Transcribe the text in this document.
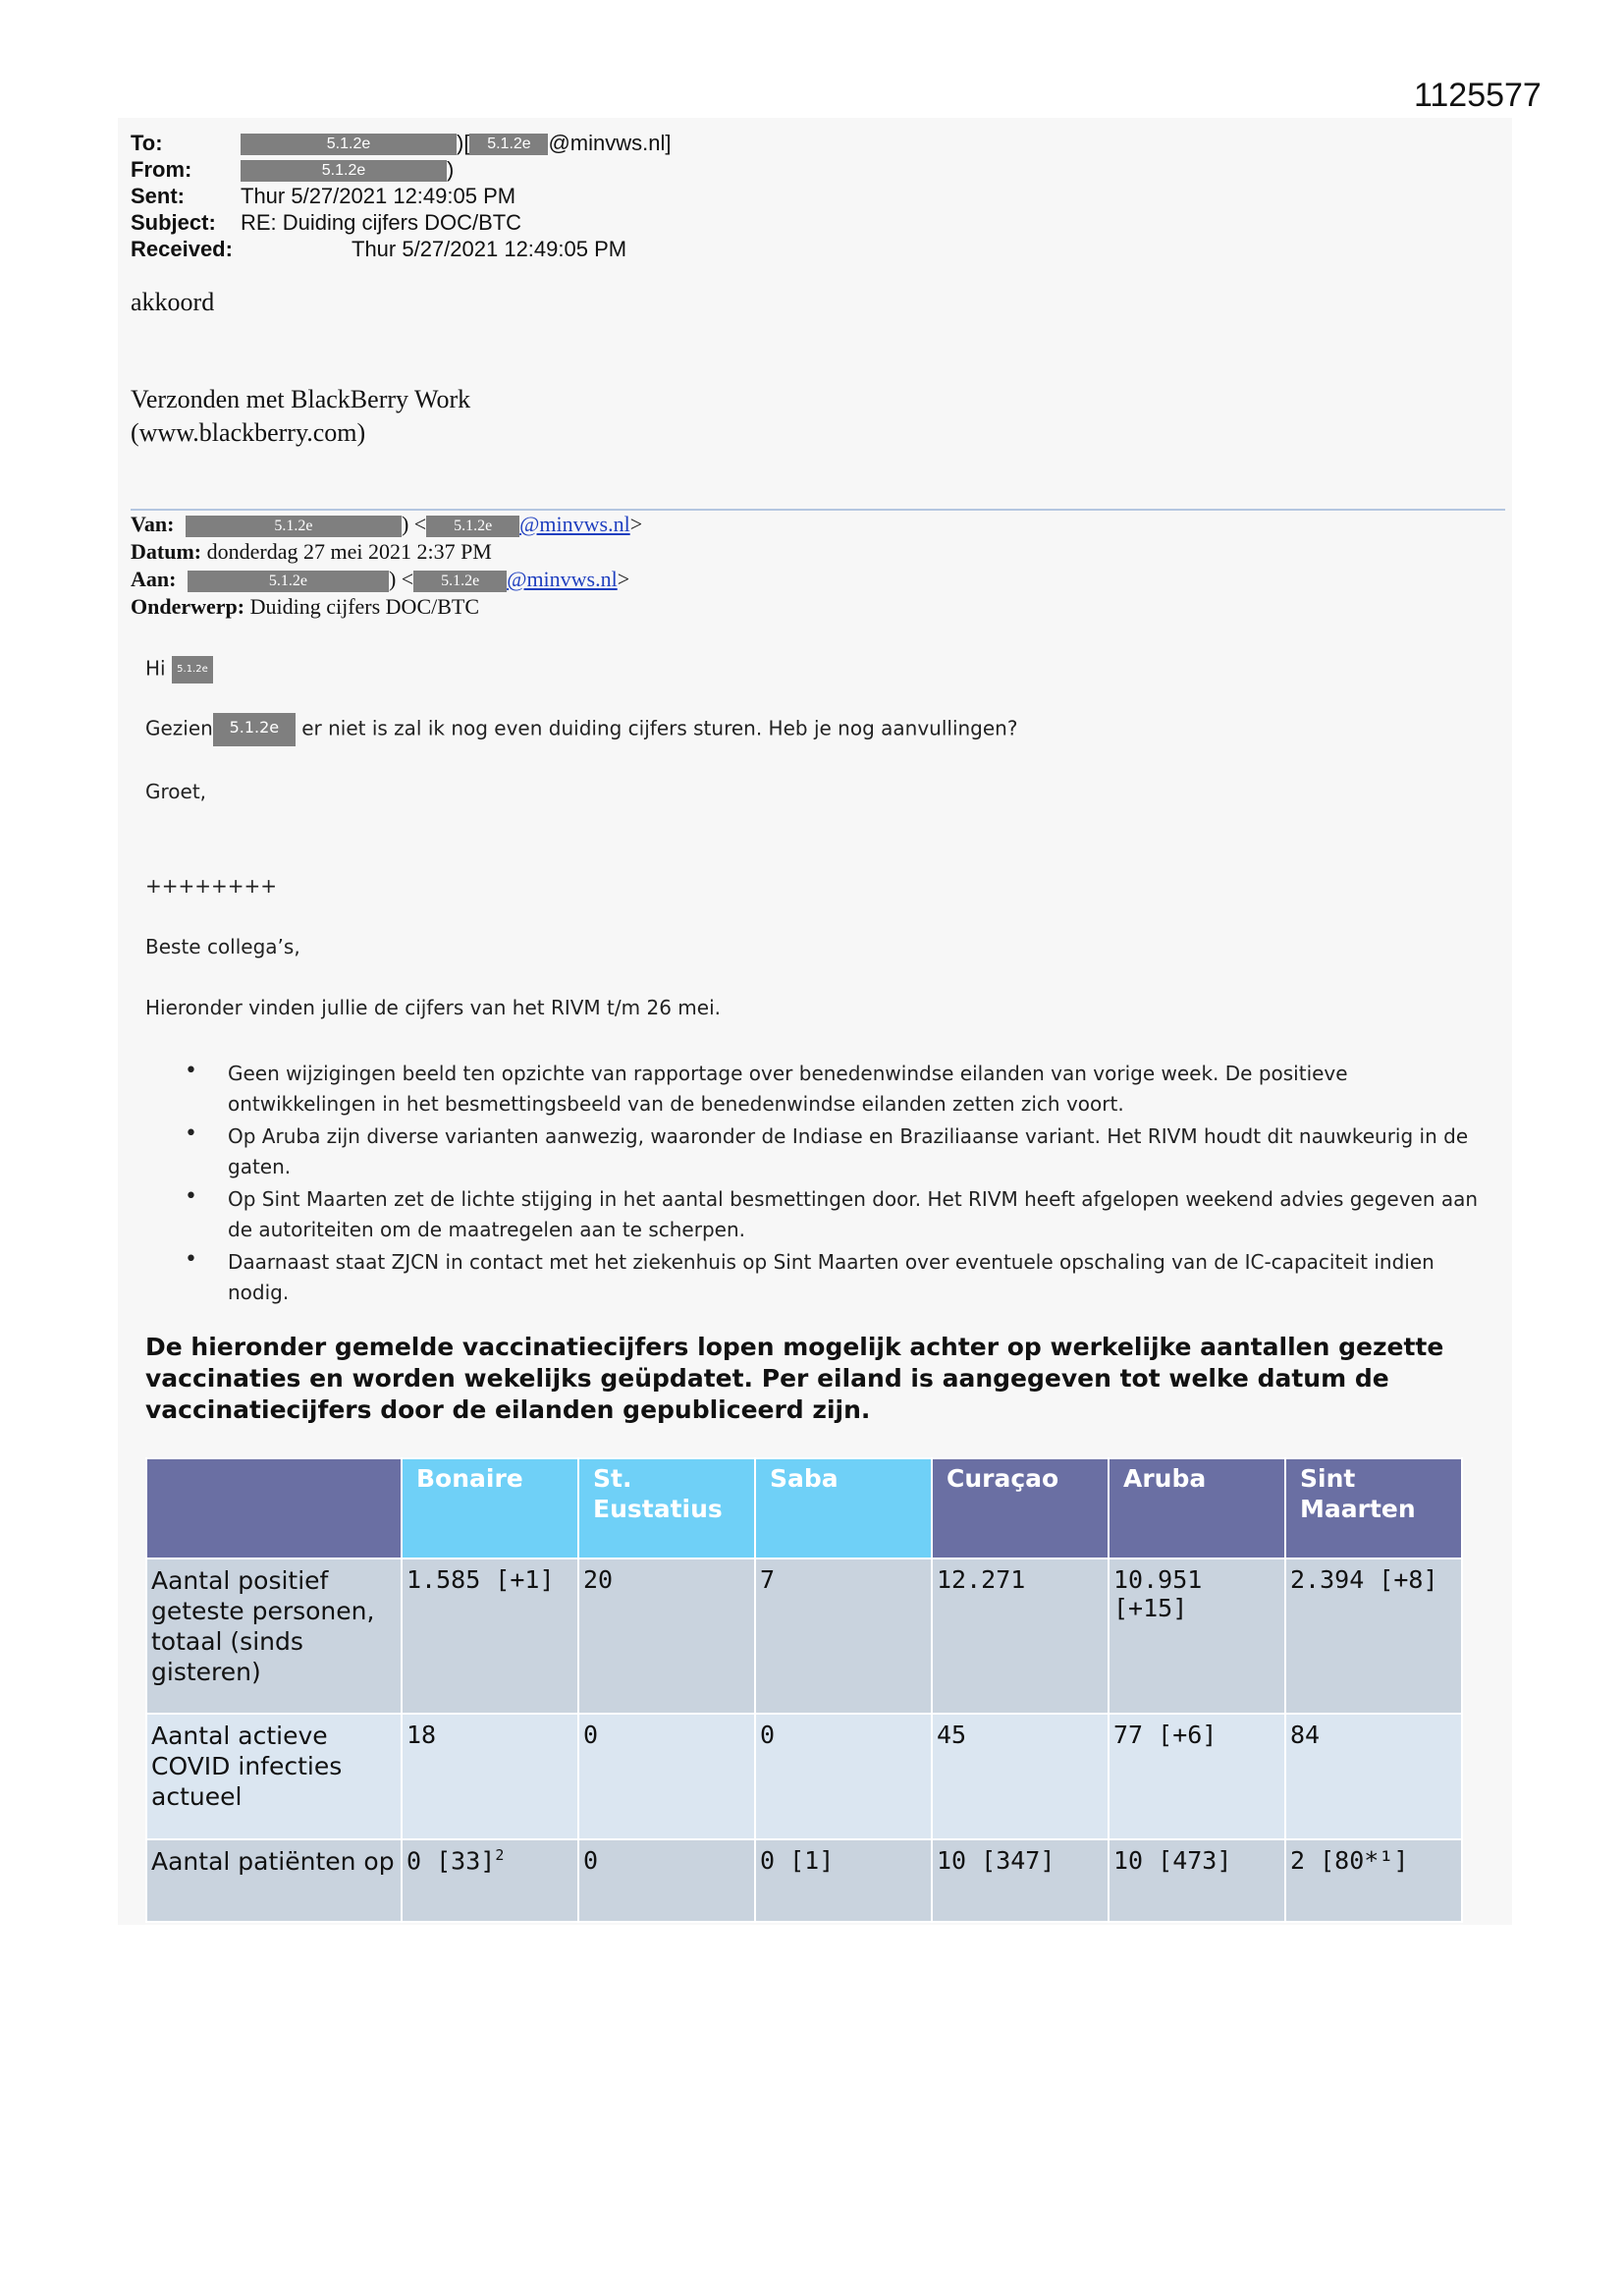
1125577
To:	5.1.2e	)[ 5.1.2e @minvws.nl]
From:	5.1.2e	)
Sent:	Thur 5/27/2021 12:49:05 PM
Subject: RE: Duiding cijfers DOC/BTC
Received:	Thur 5/27/2021 12:49:05 PM
akkoord
Verzonden met BlackBerry Work
(www.blackberry.com)
Van:	5.1.2e	) < 5.1.2e @minvws.nl>
Datum: donderdag 27 mei 2021 2:37 PM
Aan:	5.1.2e	) < 5.1.2e @minvws.nl>
Onderwerp: Duiding cijfers DOC/BTC

Hi 5.1.2e

Gezien 5.1.2e er niet is zal ik nog even duiding cijfers sturen. Heb je nog aanvullingen?

Groet,

++++++++

Beste collega’s,

Hieronder vinden jullie de cijfers van het RIVM t/m 26 mei.

• Geen wijzigingen beeld ten opzichte van rapportage over benedenwindse eilanden van vorige week. De positieve ontwikkelingen in het besmettingsbeeld van de benedenwindse eilanden zetten zich voort.
• Op Aruba zijn diverse varianten aanwezig, waaronder de Indiase en Braziliaanse variant. Het RIVM houdt dit nauwkeurig in de gaten.
• Op Sint Maarten zet de lichte stijging in het aantal besmettingen door. Het RIVM heeft afgelopen weekend advies gegeven aan de autoriteiten om de maatregelen aan te scherpen.
• Daarnaast staat ZJCN in contact met het ziekenhuis op Sint Maarten over eventuele opschaling van de IC-capaciteit indien nodig.
De hieronder gemelde vaccinatiecijfers lopen mogelijk achter op werkelijke aantallen gezette vaccinaties en worden wekelijks geüpdatet. Per eiland is aangegeven tot welke datum de vaccinatiecijfers door de eilanden gepubliceerd zijn.
	Bonaire	St. Eustatius	Saba	Curaçao	Aruba	Sint Maarten
Aantal positief geteste personen, totaal (sinds gisteren)	1.585 [+1]	20	7	12.271	10.951 [+15]	2.394 [+8]
Aantal actieve COVID infecties actueel	18	0	0	45	77 [+6]	84
Aantal patiënten op	0 $[33]^2$	0	0 [1]	10 [347]	10 [473]	2 [80*¹]
